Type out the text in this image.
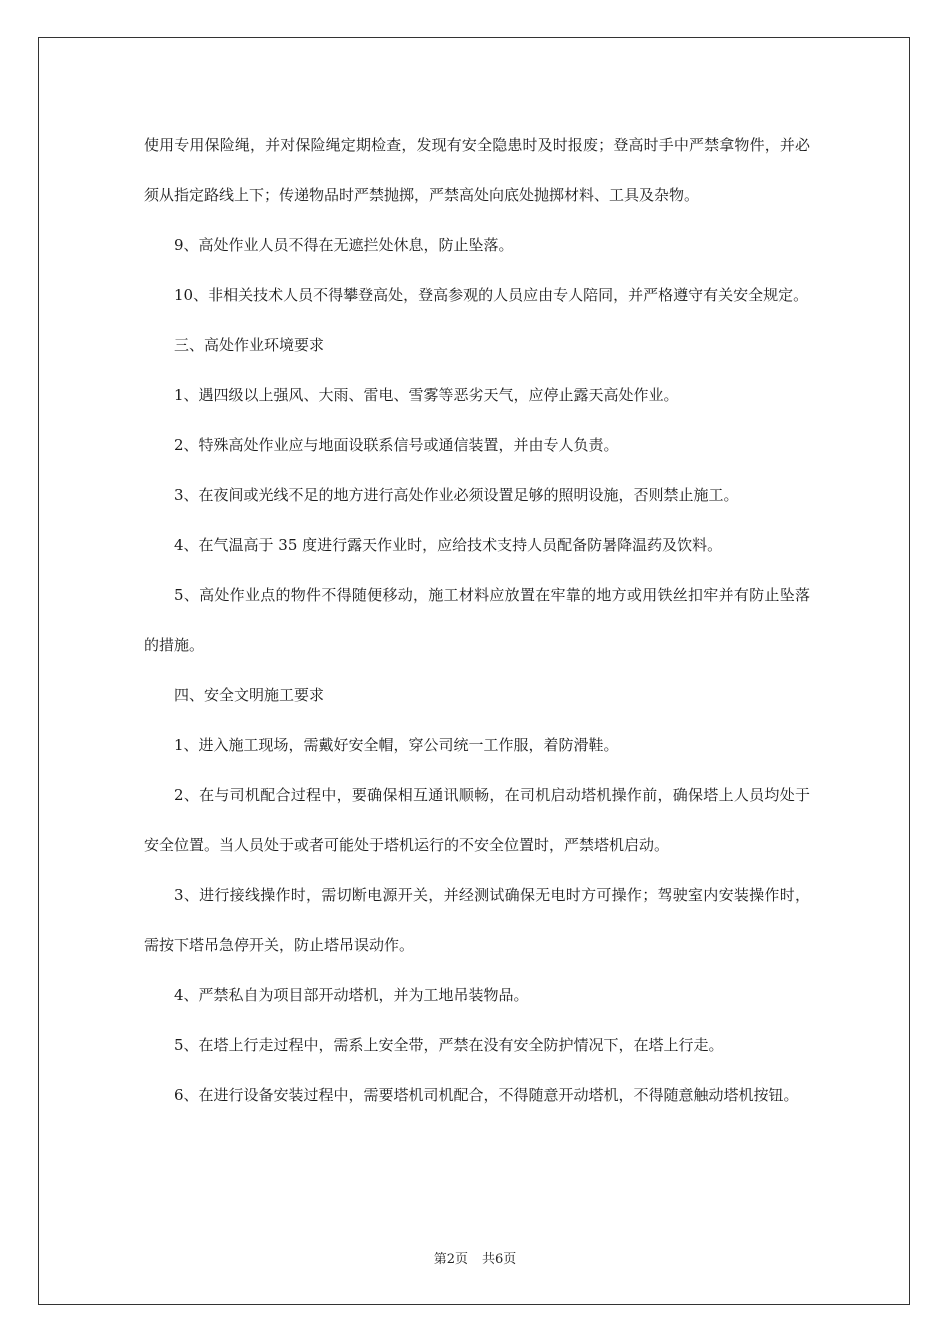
使用专用保险绳，并对保险绳定期检查，发现有安全隐患时及时报废；登高时手中严禁拿物件，并必须从指定路线上下；传递物品时严禁抛掷，严禁高处向底处抛掷材料、工具及杂物。

9、高处作业人员不得在无遮拦处休息，防止坠落。

10、非相关技术人员不得攀登高处，登高参观的人员应由专人陪同，并严格遵守有关安全规定。

三、高处作业环境要求

1、遇四级以上强风、大雨、雷电、雪雾等恶劣天气，应停止露天高处作业。

2、特殊高处作业应与地面设联系信号或通信装置，并由专人负责。

3、在夜间或光线不足的地方进行高处作业必须设置足够的照明设施，否则禁止施工。

4、在气温高于 35 度进行露天作业时，应给技术支持人员配备防暑降温药及饮料。

5、高处作业点的物件不得随便移动，施工材料应放置在牢靠的地方或用铁丝扣牢并有防止坠落的措施。

四、安全文明施工要求

1、进入施工现场，需戴好安全帽，穿公司统一工作服，着防滑鞋。

2、在与司机配合过程中，要确保相互通讯顺畅，在司机启动塔机操作前，确保塔上人员均处于安全位置。当人员处于或者可能处于塔机运行的不安全位置时，严禁塔机启动。

3、进行接线操作时，需切断电源开关，并经测试确保无电时方可操作；驾驶室内安装操作时，需按下塔吊急停开关，防止塔吊误动作。

4、严禁私自为项目部开动塔机，并为工地吊装物品。

5、在塔上行走过程中，需系上安全带，严禁在没有安全防护情况下，在塔上行走。

6、在进行设备安装过程中，需要塔机司机配合，不得随意开动塔机，不得随意触动塔机按钮。

第2页 共6页
